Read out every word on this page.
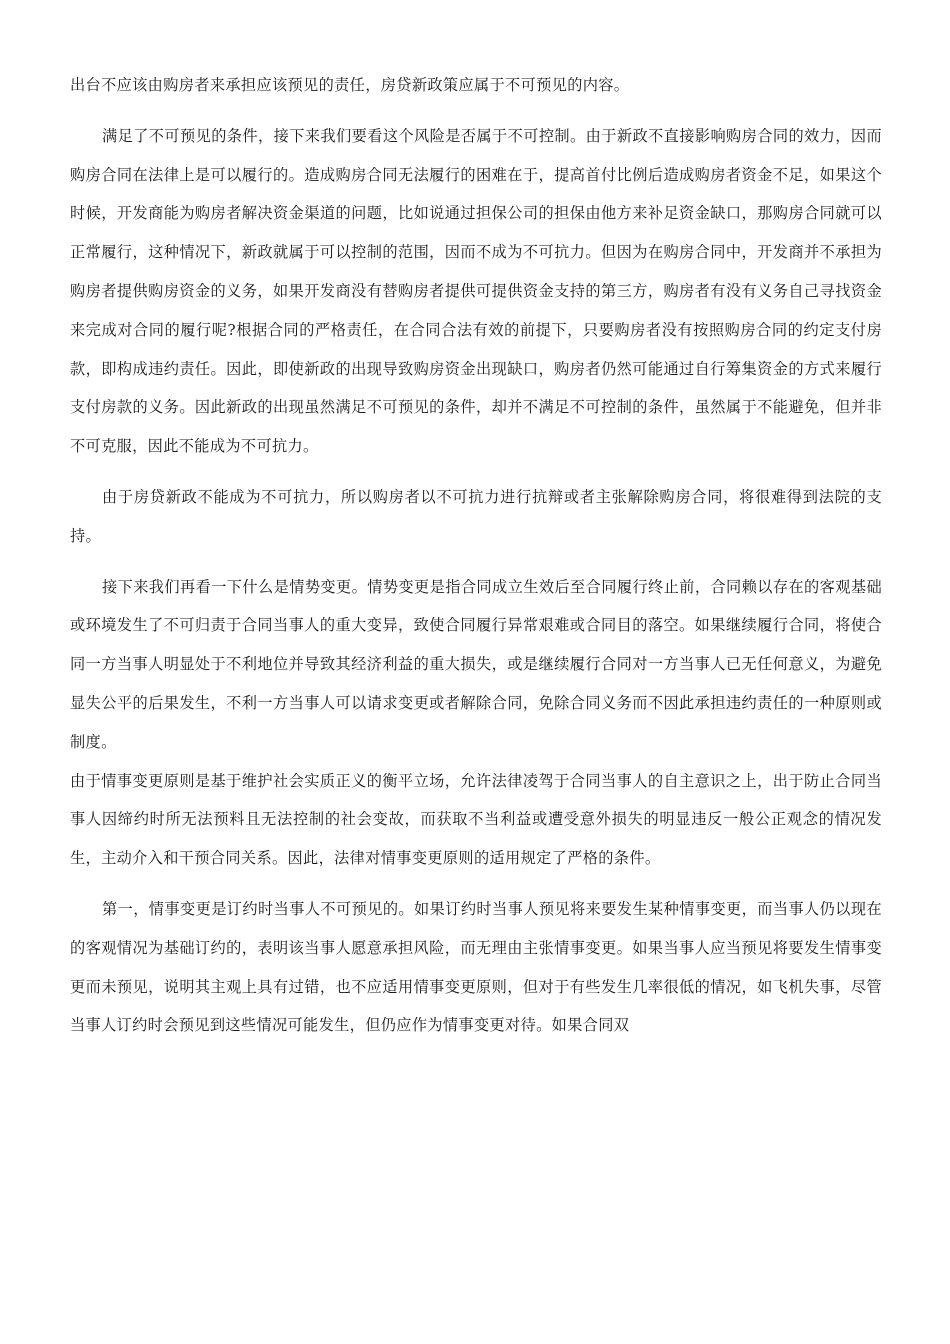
出台不应该由购房者来承担应该预见的责任，房贷新政策应属于不可预见的内容。

满足了不可预见的条件，接下来我们要看这个风险是否属于不可控制。由于新政不直接影响购房合同的效力，因而购房合同在法律上是可以履行的。造成购房合同无法履行的困难在于，提高首付比例后造成购房者资金不足，如果这个时候，开发商能为购房者解决资金渠道的问题，比如说通过担保公司的担保由他方来补足资金缺口，那购房合同就可以正常履行，这种情况下，新政就属于可以控制的范围，因而不成为不可抗力。但因为在购房合同中，开发商并不承担为购房者提供购房资金的义务，如果开发商没有替购房者提供可提供资金支持的第三方，购房者有没有义务自己寻找资金来完成对合同的履行呢?根据合同的严格责任，在合同合法有效的前提下，只要购房者没有按照购房合同的约定支付房款，即构成违约责任。因此，即使新政的出现导致购房资金出现缺口，购房者仍然可能通过自行筹集资金的方式来履行支付房款的义务。因此新政的出现虽然满足不可预见的条件，却并不满足不可控制的条件，虽然属于不能避免，但并非不可克服，因此不能成为不可抗力。

由于房贷新政不能成为不可抗力，所以购房者以不可抗力进行抗辩或者主张解除购房合同，将很难得到法院的支持。

接下来我们再看一下什么是情势变更。情势变更是指合同成立生效后至合同履行终止前，合同赖以存在的客观基础或环境发生了不可归责于合同当事人的重大变异，致使合同履行异常艰难或合同目的落空。如果继续履行合同，将使合同一方当事人明显处于不利地位并导致其经济利益的重大损失，或是继续履行合同对一方当事人已无任何意义，为避免显失公平的后果发生，不利一方当事人可以请求变更或者解除合同，免除合同义务而不因此承担违约责任的一种原则或制度。

由于情事变更原则是基于维护社会实质正义的衡平立场，允许法律凌驾于合同当事人的自主意识之上，出于防止合同当事人因缔约时所无法预料且无法控制的社会变故，而获取不当利益或遭受意外损失的明显违反一般公正观念的情况发生，主动介入和干预合同关系。因此，法律对情事变更原则的适用规定了严格的条件。

第一，情事变更是订约时当事人不可预见的。如果订约时当事人预见将来要发生某种情事变更，而当事人仍以现在的客观情况为基础订约的，表明该当事人愿意承担风险，而无理由主张情事变更。如果当事人应当预见将要发生情事变更而未预见，说明其主观上具有过错，也不应适用情事变更原则，但对于有些发生几率很低的情况，如飞机失事，尽管当事人订约时会预见到这些情况可能发生，但仍应作为情事变更对待。如果合同双
